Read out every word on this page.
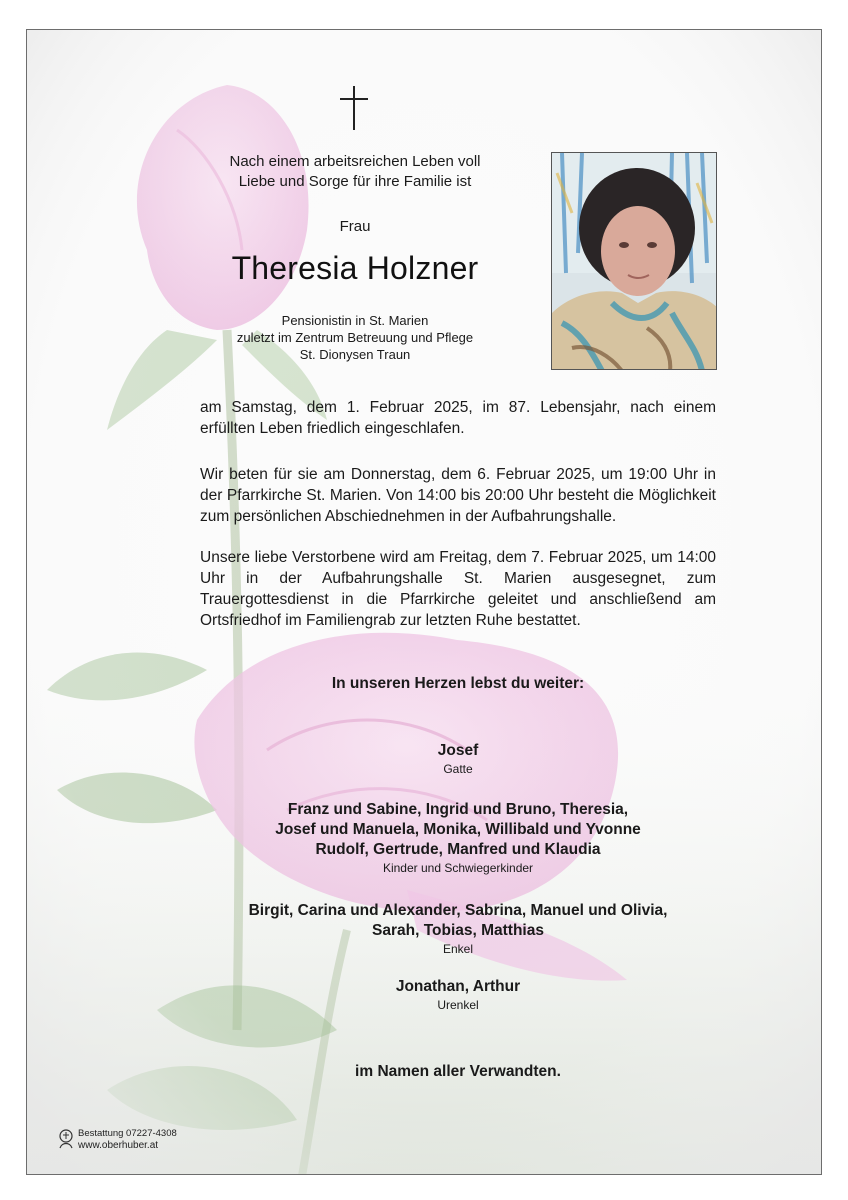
Nach einem arbeitsreichen Leben voll
Liebe und Sorge für ihre Familie ist
Frau
Theresia Holzner
Pensionistin in St. Marien
zuletzt im Zentrum Betreuung und Pflege
St. Dionysen Traun
am Samstag, dem 1. Februar 2025, im 87. Lebensjahr, nach einem erfüllten Leben friedlich eingeschlafen.
Wir beten für sie am Donnerstag, dem 6. Februar 2025, um 19:00 Uhr in der Pfarrkirche St. Marien. Von 14:00 bis 20:00 Uhr besteht die Möglichkeit zum persönlichen Abschiednehmen in der Aufbahrungshalle.
Unsere liebe Verstorbene wird am Freitag, dem 7. Februar 2025, um 14:00 Uhr in der Aufbahrungshalle St. Marien ausgesegnet, zum Trauergottesdienst in die Pfarrkirche geleitet und anschließend am Ortsfriedhof im Familiengrab zur letzten Ruhe bestattet.
In unseren Herzen lebst du weiter:
Josef
Gatte
Franz und Sabine, Ingrid und Bruno, Theresia,
Josef und Manuela, Monika, Willibald und Yvonne
Rudolf, Gertrude, Manfred und Klaudia
Kinder und Schwiegerkinder
Birgit, Carina und Alexander, Sabrina, Manuel und Olivia,
Sarah, Tobias, Matthias
Enkel
Jonathan, Arthur
Urenkel
im Namen aller Verwandten.
Bestattung 07227-4308
www.oberhuber.at
